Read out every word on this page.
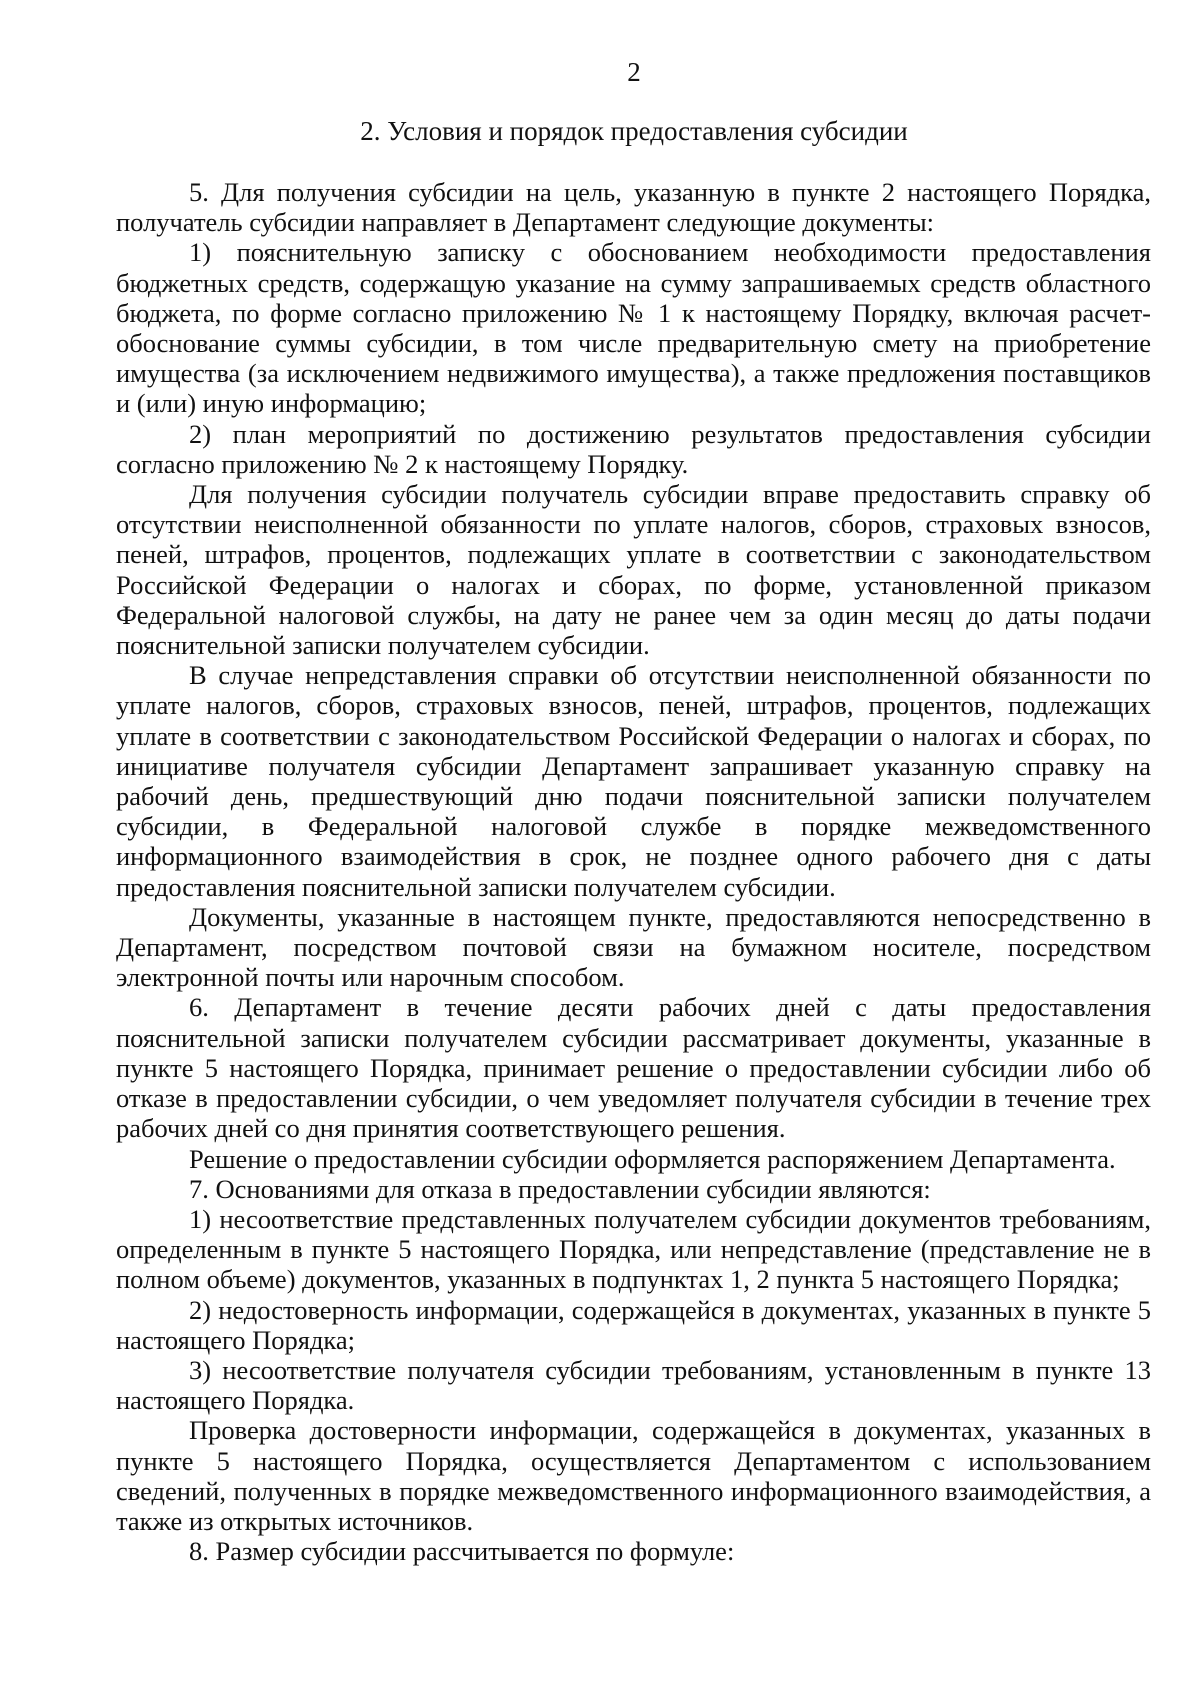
2
2. Условия и порядок предоставления субсидии

5. Для получения субсидии на цель, указанную в пункте 2 настоящего Порядка, получатель субсидии направляет в Департамент следующие документы:

1) пояснительную записку с обоснованием необходимости предоставления бюджетных средств, содержащую указание на сумму запрашиваемых средств областного бюджета, по форме согласно приложению № 1 к настоящему Порядку, включая расчет-обоснование суммы субсидии, в том числе предварительную смету на приобретение имущества (за исключением недвижимого имущества), а также предложения поставщиков и (или) иную информацию;

2) план мероприятий по достижению результатов предоставления субсидии согласно приложению № 2 к настоящему Порядку.

Для получения субсидии получатель субсидии вправе предоставить справку об отсутствии неисполненной обязанности по уплате налогов, сборов, страховых взносов, пеней, штрафов, процентов, подлежащих уплате в соответствии с законодательством Российской Федерации о налогах и сборах, по форме, установленной приказом Федеральной налоговой службы, на дату не ранее чем за один месяц до даты подачи пояснительной записки получателем субсидии.

В случае непредставления справки об отсутствии неисполненной обязанности по уплате налогов, сборов, страховых взносов, пеней, штрафов, процентов, подлежащих уплате в соответствии с законодательством Российской Федерации о налогах и сборах, по инициативе получателя субсидии Департамент запрашивает указанную справку на рабочий день, предшествующий дню подачи пояснительной записки получателем субсидии, в Федеральной налоговой службе в порядке межведомственного информационного взаимодействия в срок, не позднее одного рабочего дня с даты предоставления пояснительной записки получателем субсидии.

Документы, указанные в настоящем пункте, предоставляются непосредственно в Департамент, посредством почтовой связи на бумажном носителе, посредством электронной почты или нарочным способом.

6. Департамент в течение десяти рабочих дней с даты предоставления пояснительной записки получателем субсидии рассматривает документы, указанные в пункте 5 настоящего Порядка, принимает решение о предоставлении субсидии либо об отказе в предоставлении субсидии, о чем уведомляет получателя субсидии в течение трех рабочих дней со дня принятия соответствующего решения.

Решение о предоставлении субсидии оформляется распоряжением Департамента.

7. Основаниями для отказа в предоставлении субсидии являются:

1) несоответствие представленных получателем субсидии документов требованиям, определенным в пункте 5 настоящего Порядка, или непредставление (представление не в полном объеме) документов, указанных в подпунктах 1, 2 пункта 5 настоящего Порядка;

2) недостоверность информации, содержащейся в документах, указанных в пункте 5 настоящего Порядка;

3) несоответствие получателя субсидии требованиям, установленным в пункте 13 настоящего Порядка.

Проверка достоверности информации, содержащейся в документах, указанных в пункте 5 настоящего Порядка, осуществляется Департаментом с использованием сведений, полученных в порядке межведомственного информационного взаимодействия, а также из открытых источников.

8. Размер субсидии рассчитывается по формуле:
